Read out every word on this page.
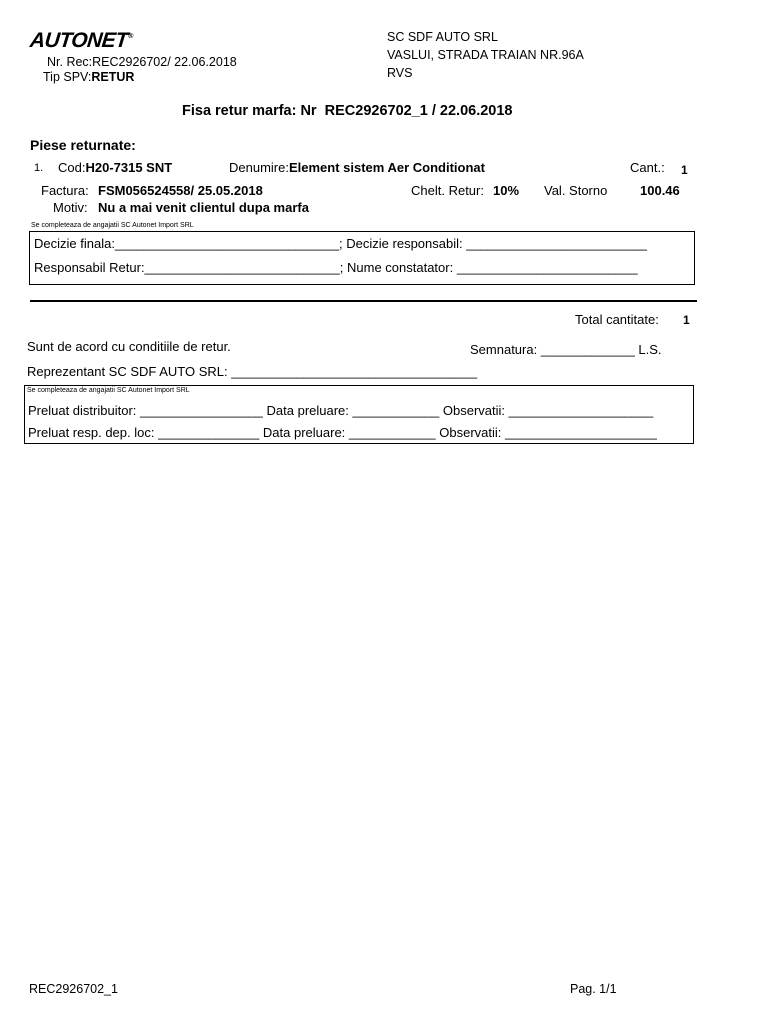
AUTONET®
Nr. Rec:REC2926702/ 22.06.2018
Tip SPV:RETUR
SC SDF AUTO SRL
VASLUI, STRADA TRAIAN NR.96A
RVS
Fisa retur marfa: Nr REC2926702_1 / 22.06.2018
Piese returnate:
1. Cod:H20-7315 SNT	Denumire:Element sistem Aer Conditionat	Cant.: 1
Factura: FSM056524558/ 25.05.2018	Chelt. Retur: 10% Val. Storno	100.46
Motiv: Nu a mai venit clientul dupa marfa
Se completeaza de angajatii SC Autonet Import SRL
Decizie finala:_______________________________; Decizie responsabil: _________________________
Responsabil Retur:___________________________; Nume constatator: _________________________
Total cantitate: 1
Sunt de acord cu conditiile de retur.	Semnatura: _____________ L.S.
Reprezentant SC SDF AUTO SRL: __________________________________
Se completeaza de angajatii SC Autonet Import SRL
Preluat distribuitor: _________________ Data preluare: ____________ Observatii: ____________________
Preluat resp. dep. loc: ______________ Data preluare: ____________ Observatii: _____________________
REC2926702_1	Pag. 1/1
